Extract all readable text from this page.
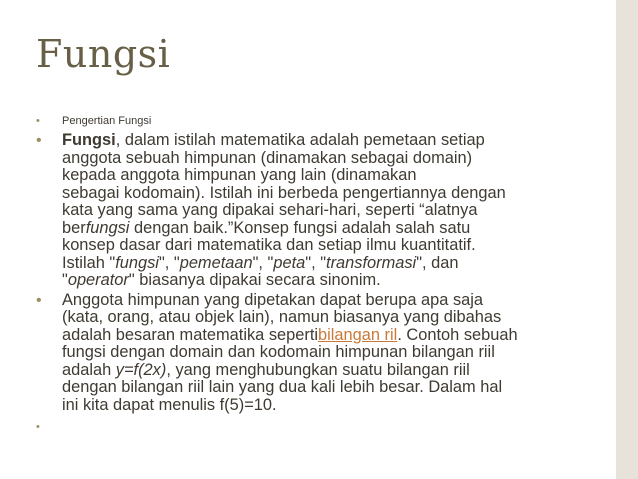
Fungsi
• Pengertian Fungsi
• Fungsi, dalam istilah matematika adalah pemetaan setiap
anggota sebuah himpunan (dinamakan sebagai domain)
kepada anggota himpunan yang lain (dinamakan
sebagai kodomain). Istilah ini berbeda pengertiannya dengan
kata yang sama yang dipakai sehari-hari, seperti “alatnya
berfungsi dengan baik.”Konsep fungsi adalah salah satu
konsep dasar dari matematika dan setiap ilmu kuantitatif.
Istilah "fungsi", "pemetaan", "peta", "transformasi", dan
"operator" biasanya dipakai secara sinonim.
• Anggota himpunan yang dipetakan dapat berupa apa saja
(kata, orang, atau objek lain), namun biasanya yang dibahas
adalah besaran matematika sepertibilangan ril. Contoh sebuah
fungsi dengan domain dan kodomain himpunan bilangan riil
adalah y=f(2x), yang menghubungkan suatu bilangan riil
dengan bilangan riil lain yang dua kali lebih besar. Dalam hal
ini kita dapat menulis f(5)=10.
•
